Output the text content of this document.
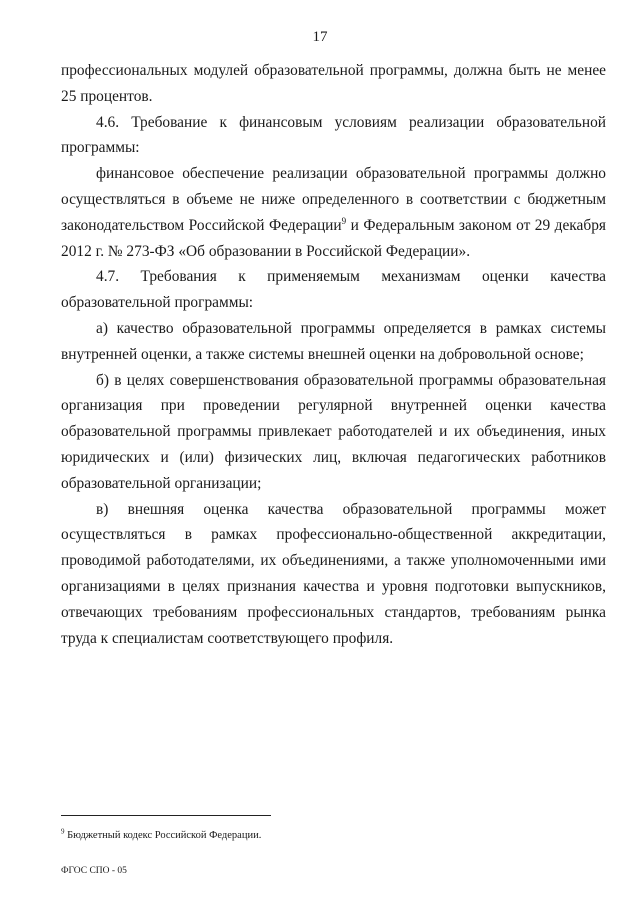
17

профессиональных модулей образовательной программы, должна быть не менее 25 процентов.

4.6. Требование к финансовым условиям реализации образовательной программы:

финансовое обеспечение реализации образовательной программы должно осуществляться в объеме не ниже определенного в соответствии с бюджетным законодательством Российской Федерации$^9$ и Федеральным законом от 29 декабря 2012 г. № 273-ФЗ «Об образовании в Российской Федерации».

4.7. Требования к применяемым механизмам оценки качества образовательной программы:

а) качество образовательной программы определяется в рамках системы внутренней оценки, а также системы внешней оценки на добровольной основе;

б) в целях совершенствования образовательной программы образовательная организация при проведении регулярной внутренней оценки качества образовательной программы привлекает работодателей и их объединения, иных юридических и (или) физических лиц, включая педагогических работников образовательной организации;

в) внешняя оценка качества образовательной программы может осуществляться в рамках профессионально-общественной аккредитации, проводимой работодателями, их объединениями, а также уполномоченными ими организациями в целях признания качества и уровня подготовки выпускников, отвечающих требованиям профессиональных стандартов, требованиям рынка труда к специалистам соответствующего профиля.

$^9$ Бюджетный кодекс Российской Федерации.
ФГОС СПО - 05
